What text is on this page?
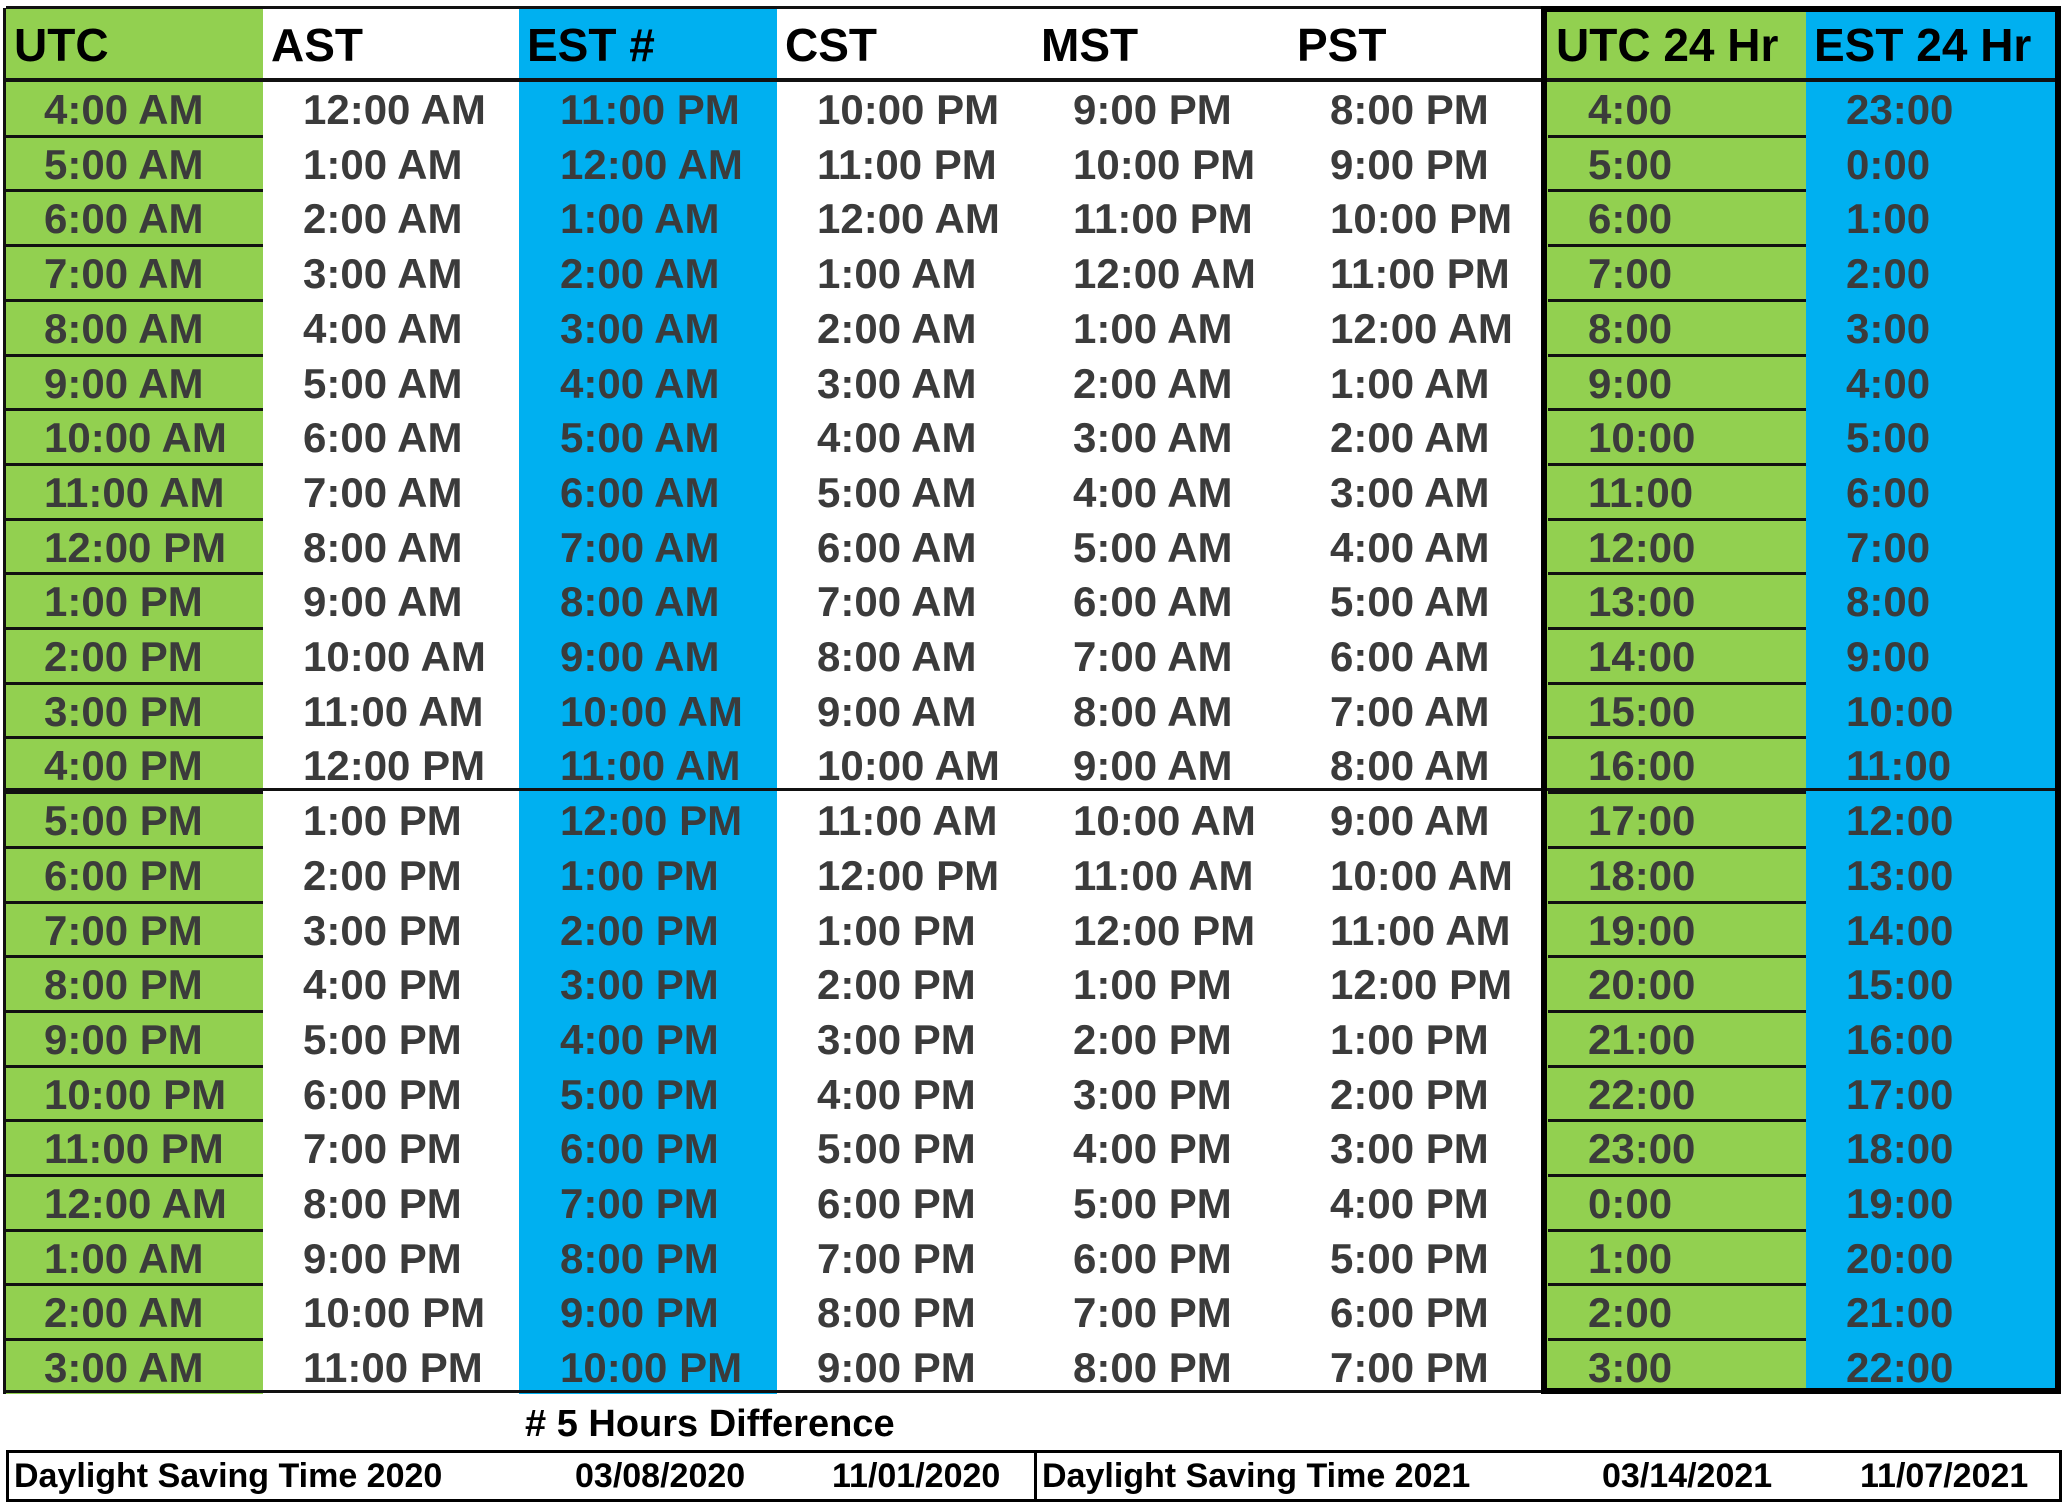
UTC	AST	EST #	CST	MST	PST	UTC 24 Hr EST 24 Hr
4:00 AM 12:00 AM 11:00 PM 10:00 PM 9:00 PM 8:00 PM 4:00	23:00
5:00 AM 1:00 AM 12:00 AM 11:00 PM 10:00 PM 9:00 PM 5:00	0:00
6:00 AM 2:00 AM 1:00 AM 12:00 AM 11:00 PM 10:00 PM 6:00	1:00
7:00 AM 3:00 AM 2:00 AM 1:00 AM 12:00 AM 11:00 PM 7:00	2:00
8:00 AM 4:00 AM 3:00 AM 2:00 AM 1:00 AM 12:00 AM 8:00	3:00
9:00 AM 5:00 AM 4:00 AM 3:00 AM 2:00 AM 1:00 AM 9:00	4:00
10:00 AM 6:00 AM 5:00 AM 4:00 AM 3:00 AM 2:00 AM 10:00	5:00
11:00 AM 7:00 AM 6:00 AM 5:00 AM 4:00 AM 3:00 AM 11:00	6:00
12:00 PM 8:00 AM 7:00 AM 6:00 AM 5:00 AM 4:00 AM 12:00	7:00
1:00 PM 9:00 AM 8:00 AM 7:00 AM 6:00 AM 5:00 AM 13:00	8:00
2:00 PM 10:00 AM 9:00 AM 8:00 AM 7:00 AM 6:00 AM 14:00	9:00
3:00 PM 11:00 AM 10:00 AM 9:00 AM 8:00 AM 7:00 AM 15:00	10:00
4:00 PM 12:00 PM 11:00 AM 10:00 AM 9:00 AM 8:00 AM 16:00	11:00
5:00 PM 1:00 PM 12:00 PM 11:00 AM 10:00 AM 9:00 AM 17:00	12:00
6:00 PM 2:00 PM 1:00 PM 12:00 PM 11:00 AM 10:00 AM 18:00	13:00
7:00 PM 3:00 PM 2:00 PM 1:00 PM 12:00 PM 11:00 AM 19:00	14:00
8:00 PM 4:00 PM 3:00 PM 2:00 PM 1:00 PM 12:00 PM 20:00	15:00
9:00 PM 5:00 PM 4:00 PM 3:00 PM 2:00 PM 1:00 PM 21:00	16:00
10:00 PM 6:00 PM 5:00 PM 4:00 PM 3:00 PM 2:00 PM 22:00	17:00
11:00 PM 7:00 PM 6:00 PM 5:00 PM 4:00 PM 3:00 PM 23:00	18:00
12:00 AM 8:00 PM 7:00 PM 6:00 PM 5:00 PM 4:00 PM 0:00	19:00
1:00 AM 9:00 PM 8:00 PM 7:00 PM 6:00 PM 5:00 PM 1:00	20:00
2:00 AM 10:00 PM 9:00 PM 8:00 PM 7:00 PM 6:00 PM 2:00	21:00
3:00 AM 11:00 PM 10:00 PM 9:00 PM 8:00 PM 7:00 PM 3:00	22:00
# 5 Hours Difference
Daylight Saving Time 2020	03/08/2020	11/01/2020 Daylight Saving Time 2021	03/14/2021	11/07/2021
